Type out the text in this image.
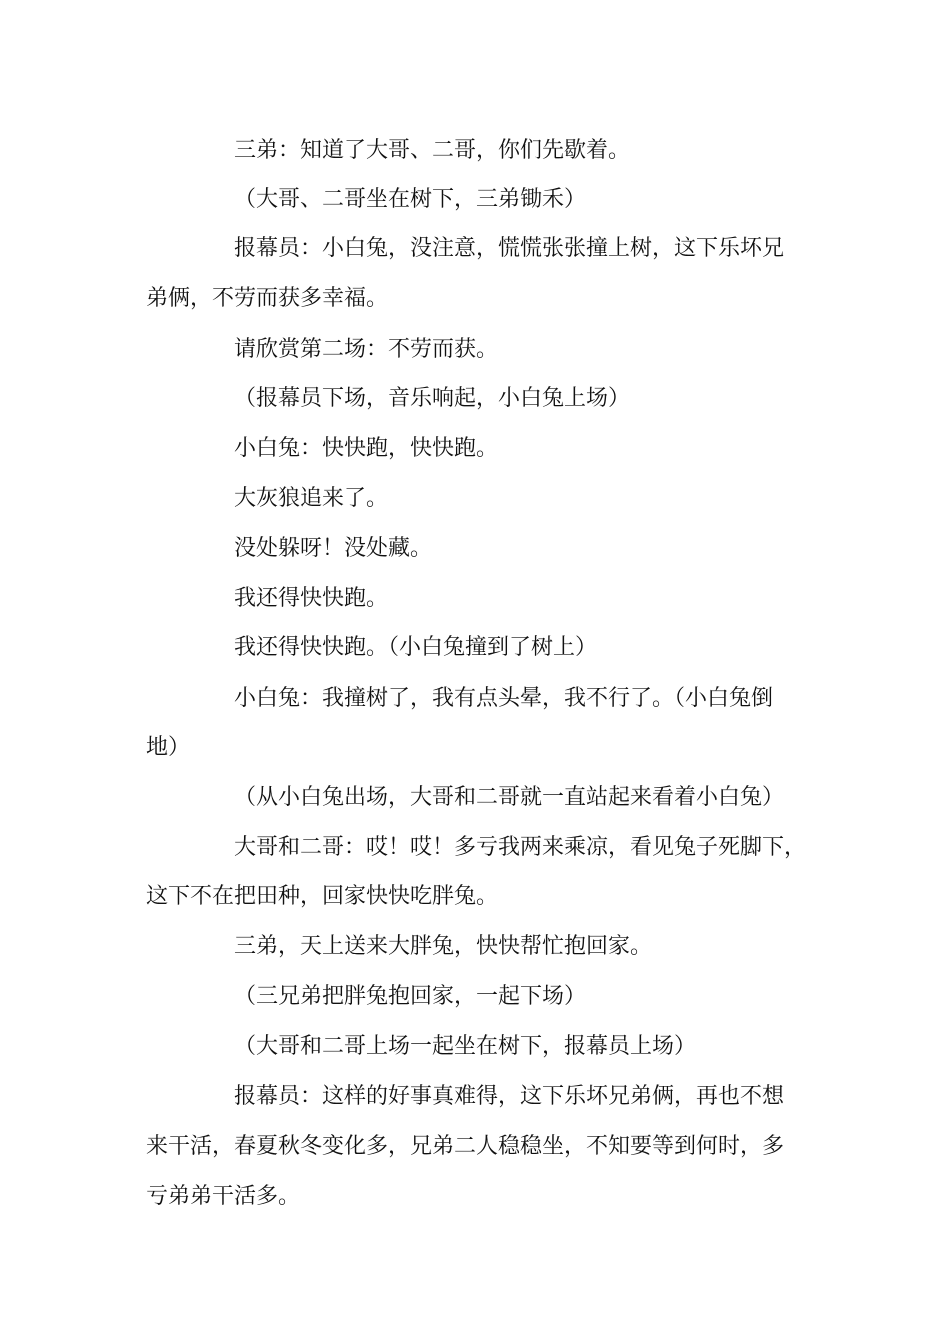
三弟：知道了大哥、二哥，你们先歇着。
（大哥、二哥坐在树下，三弟锄禾）
报幕员：小白兔，没注意，慌慌张张撞上树，这下乐坏兄
弟俩，不劳而获多幸福。
请欣赏第二场：不劳而获。
（报幕员下场，音乐响起，小白兔上场）
小白兔：快快跑，快快跑。
大灰狼追来了。
没处躲呀！没处藏。
我还得快快跑。
我还得快快跑。（小白兔撞到了树上）
小白兔：我撞树了，我有点头晕，我不行了。（小白兔倒
地）
（从小白兔出场，大哥和二哥就一直站起来看着小白兔）
大哥和二哥：哎！哎！多亏我两来乘凉，看见兔子死脚下，
这下不在把田种，回家快快吃胖兔。
三弟，天上送来大胖兔，快快帮忙抱回家。
（三兄弟把胖兔抱回家，一起下场）
（大哥和二哥上场一起坐在树下，报幕员上场）
报幕员：这样的好事真难得，这下乐坏兄弟俩，再也不想
来干活，春夏秋冬变化多，兄弟二人稳稳坐，不知要等到何时，多
亏弟弟干活多。
